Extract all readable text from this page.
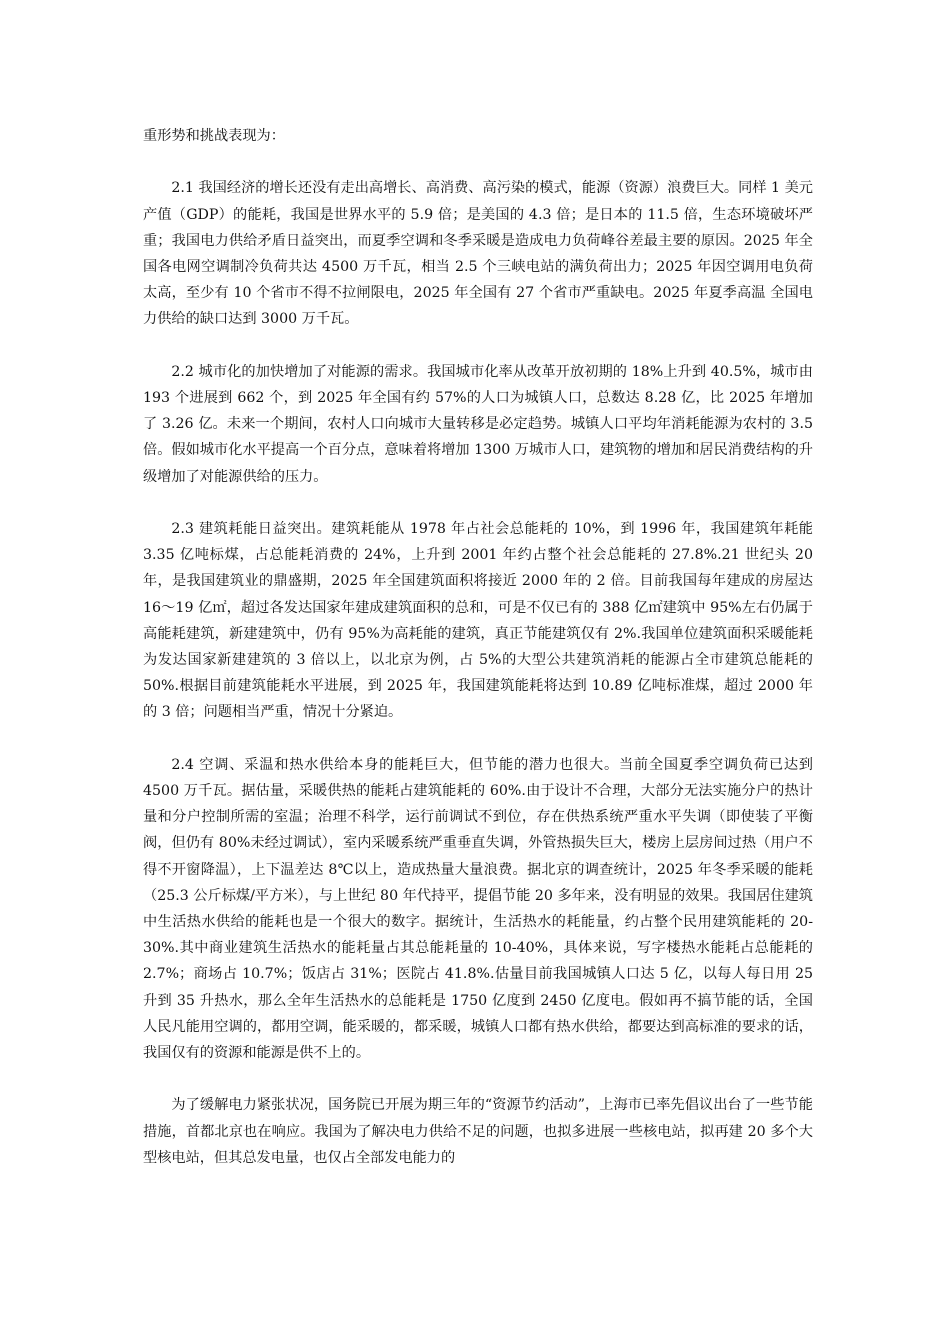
重形势和挑战表现为：

2.1 我国经济的增长还没有走出高增长、高消费、高污染的模式，能源（资源）浪费巨大。同样 1 美元产值（GDP）的能耗，我国是世界水平的 5.9 倍；是美国的 4.3 倍；是日本的 11.5 倍，生态环境破坏严重；我国电力供给矛盾日益突出，而夏季空调和冬季采暖是造成电力负荷峰谷差最主要的原因。2025 年全国各电网空调制冷负荷共达 4500 万千瓦，相当 2.5 个三峡电站的满负荷出力；2025 年因空调用电负荷太高，至少有 10 个省市不得不拉闸限电，2025 年全国有 27 个省市严重缺电。2025 年夏季高温 全国电力供给的缺口达到 3000 万千瓦。

2.2 城市化的加快增加了对能源的需求。我国城市化率从改革开放初期的 18%上升到 40.5%，城市由 193 个进展到 662 个，到 2025 年全国有约 57%的人口为城镇人口，总数达 8.28 亿，比 2025 年增加了 3.26 亿。未来一个期间，农村人口向城市大量转移是必定趋势。城镇人口平均年消耗能源为农村的 3.5 倍。假如城市化水平提高一个百分点，意味着将增加 1300 万城市人口，建筑物的增加和居民消费结构的升级增加了对能源供给的压力。

2.3 建筑耗能日益突出。建筑耗能从 1978 年占社会总能耗的 10%，到 1996 年，我国建筑年耗能 3.35 亿吨标煤，占总能耗消费的 24%，上升到 2001 年约占整个社会总能耗的 27.8%.21 世纪头 20 年，是我国建筑业的鼎盛期，2025 年全国建筑面积将接近 2000 年的 2 倍。目前我国每年建成的房屋达 16～19 亿㎡，超过各发达国家年建成建筑面积的总和，可是不仅已有的 388 亿㎡建筑中 95%左右仍属于高能耗建筑，新建建筑中，仍有 95%为高耗能的建筑，真正节能建筑仅有 2%.我国单位建筑面积采暖能耗为发达国家新建建筑的 3 倍以上，以北京为例，占 5%的大型公共建筑消耗的能源占全市建筑总能耗的 50%.根据目前建筑能耗水平进展，到 2025 年，我国建筑能耗将达到 10.89 亿吨标准煤，超过 2000 年的 3 倍；问题相当严重，情况十分紧迫。

2.4 空调、采温和热水供给本身的能耗巨大，但节能的潜力也很大。当前全国夏季空调负荷已达到 4500 万千瓦。据估量，采暖供热的能耗占建筑能耗的 60%.由于设计不合理，大部分无法实施分户的热计量和分户控制所需的室温；治理不科学，运行前调试不到位，存在供热系统严重水平失调（即使装了平衡阀，但仍有 80%未经过调试），室内采暖系统严重垂直失调，外管热损失巨大，楼房上层房间过热（用户不得不开窗降温），上下温差达 8℃以上，造成热量大量浪费。据北京的调查统计，2025 年冬季采暖的能耗（25.3 公斤标煤/平方米），与上世纪 80 年代持平，提倡节能 20 多年来，没有明显的效果。我国居住建筑中生活热水供给的能耗也是一个很大的数字。据统计，生活热水的耗能量，约占整个民用建筑能耗的 20-30%.其中商业建筑生活热水的能耗量占其总能耗量的 10-40%，具体来说，写字楼热水能耗占总能耗的 2.7%；商场占 10.7%；饭店占 31%；医院占 41.8%.估量目前我国城镇人口达 5 亿，以每人每日用 25 升到 35 升热水，那么全年生活热水的总能耗是 1750 亿度到 2450 亿度电。假如再不搞节能的话，全国人民凡能用空调的，都用空调，能采暖的，都采暖，城镇人口都有热水供给，都要达到高标准的要求的话，我国仅有的资源和能源是供不上的。

为了缓解电力紧张状况，国务院已开展为期三年的“资源节约活动”，上海市已率先倡议出台了一些节能措施，首都北京也在响应。我国为了解决电力供给不足的问题，也拟多进展一些核电站，拟再建 20 多个大型核电站，但其总发电量，也仅占全部发电能力的
